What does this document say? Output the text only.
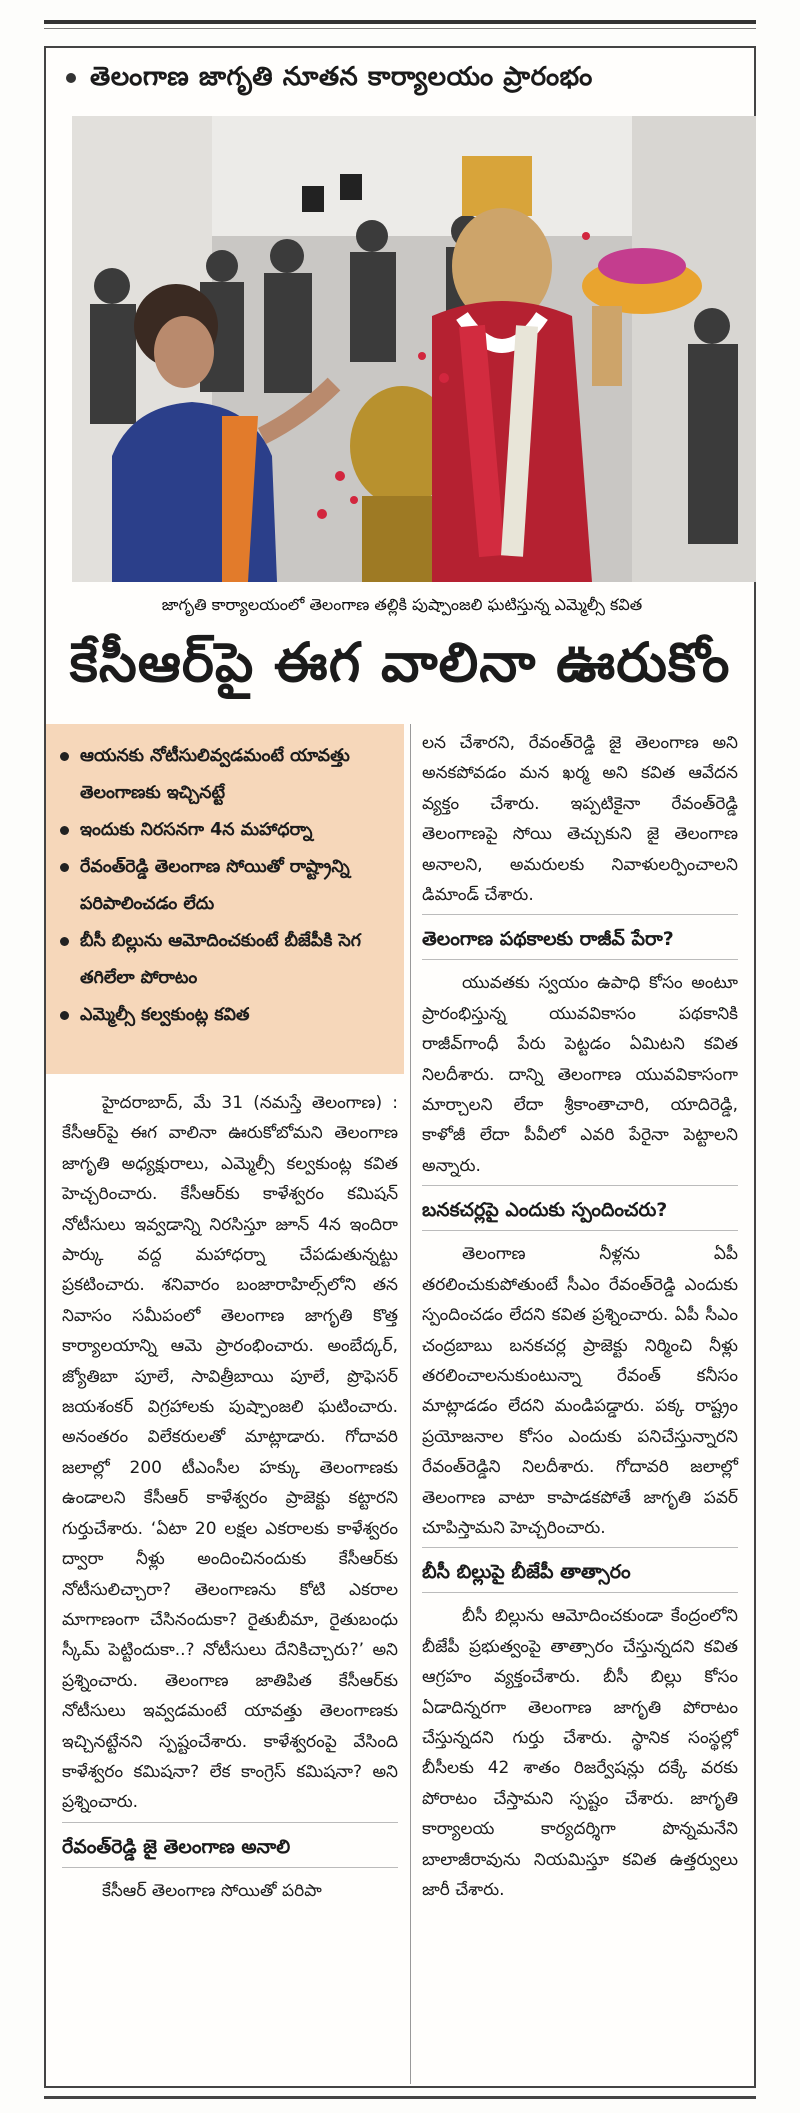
తెలంగాణ జాగృతి నూతన కార్యాలయం ప్రారంభం
జాగృతి కార్యాలయంలో తెలంగాణ తల్లికి పుష్పాంజలి ఘటిస్తున్న ఎమ్మెల్సీ కవిత
కేసీఆర్‌పై ఈగ వాలినా ఊరుకోం
ఆయనకు నోటీసులివ్వడమంటే యావత్తు తెలంగాణకు ఇచ్చినట్టే
ఇందుకు నిరసనగా 4న మహాధర్నా
రేవంత్‌రెడ్డి తెలంగాణ సోయితో రాష్ట్రాన్ని పరిపాలించడం లేదు
బీసీ బిల్లును ఆమోదించకుంటే బీజేపీకి సెగ తగిలేలా పోరాటం
ఎమ్మెల్సీ కల్వకుంట్ల కవిత

హైదరాబాద్, మే 31 (నమస్తే తెలంగాణ) : కేసీఆర్‌పై ఈగ వాలినా ఊరుకోబోమని తెలంగాణ జాగృతి అధ్యక్షురాలు, ఎమ్మెల్సీ కల్వకుంట్ల కవిత హెచ్చరించారు. కేసీఆర్‌కు కాళేశ్వరం కమిషన్ నోటీసులు ఇవ్వడాన్ని నిరసిస్తూ జూన్ 4న ఇందిరా పార్కు వద్ద మహాధర్నా చేపడుతున్నట్టు ప్రకటించారు. శనివారం బంజారాహిల్స్‌లోని తన నివాసం సమీపంలో తెలంగాణ జాగృతి కొత్త కార్యాలయాన్ని ఆమె ప్రారంభించారు. అంబేద్కర్, జ్యోతిబా పూలే, సావిత్రీబాయి పూలే, ప్రొఫెసర్ జయశంకర్ విగ్రహాలకు పుష్పాంజలి ఘటించారు. అనంతరం విలేకరులతో మాట్లాడారు. గోదావరి జలాల్లో 200 టీఎంసీల హక్కు తెలంగాణకు ఉండాలని కేసీఆర్ కాళేశ్వరం ప్రాజెక్టు కట్టారని గుర్తుచేశారు. ‘ఏటా 20 లక్షల ఎకరాలకు కాళేశ్వరం ద్వారా నీళ్లు అందించినందుకు కేసీఆర్‌కు నోటీసులిచ్చారా? తెలంగాణను కోటి ఎకరాల మాగాణంగా చేసినందుకా? రైతుబీమా, రైతుబంధు స్కీమ్ పెట్టిందుకా..? నోటీసులు దేనికిచ్చారు?’ అని ప్రశ్నించారు. తెలంగాణ జాతిపిత కేసీఆర్‌కు నోటీసులు ఇవ్వడమంటే యావత్తు తెలంగాణకు ఇచ్చినట్టేనని స్పష్టంచేశారు. కాళేశ్వరంపై వేసింది కాళేశ్వరం కమిషనా? లేక కాంగ్రెస్ కమిషనా? అని ప్రశ్నించారు.

రేవంత్‌రెడ్డి జై తెలంగాణ అనాలి

కేసీఆర్ తెలంగాణ సోయితో పరిపా

లన చేశారని, రేవంత్‌రెడ్డి జై తెలంగాణ అని అనకపోవడం మన ఖర్మ అని కవిత ఆవేదన వ్యక్తం చేశారు. ఇప్పటికైనా రేవంత్‌రెడ్డి తెలంగాణపై సోయి తెచ్చుకుని జై తెలంగాణ అనాలని, అమరులకు నివాళులర్పించాలని డిమాండ్ చేశారు.

తెలంగాణ పథకాలకు రాజీవ్ పేరా?

యువతకు స్వయం ఉపాధి కోసం అంటూ ప్రారంభిస్తున్న యువవికాసం పథకానికి రాజీవ్‌గాంధీ పేరు పెట్టడం ఏమిటని కవిత నిలదీశారు. దాన్ని తెలంగాణ యువవికాసంగా మార్చాలని లేదా శ్రీకాంతాచారి, యాదిరెడ్డి, కాళోజీ లేదా పీవీలో ఎవరి పేరైనా పెట్టాలని అన్నారు.

బనకచర్లపై ఎందుకు స్పందించరు?

తెలంగాణ నీళ్లను ఏపీ తరలించుకుపోతుంటే సీఎం రేవంత్‌రెడ్డి ఎందుకు స్పందించడం లేదని కవిత ప్రశ్నించారు. ఏపీ సీఎం చంద్రబాబు బనకచర్ల ప్రాజెక్టు నిర్మించి నీళ్లు తరలించాలనుకుంటున్నా రేవంత్ కనీసం మాట్లాడడం లేదని మండిపడ్డారు. పక్క రాష్ట్రం ప్రయోజనాల కోసం ఎందుకు పనిచేస్తున్నారని రేవంత్‌రెడ్డిని నిలదీశారు. గోదావరి జలాల్లో తెలంగాణ వాటా కాపాడకపోతే జాగృతి పవర్ చూపిస్తామని హెచ్చరించారు.

బీసీ బిల్లుపై బీజేపీ తాత్సారం

బీసీ బిల్లును ఆమోదించకుండా కేంద్రంలోని బీజేపీ ప్రభుత్వంపై తాత్సారం చేస్తున్నదని కవిత ఆగ్రహం వ్యక్తంచేశారు. బీసీ బిల్లు కోసం ఏడాదిన్నరగా తెలంగాణ జాగృతి పోరాటం చేస్తున్నదని గుర్తు చేశారు. స్థానిక సంస్థల్లో బీసీలకు 42 శాతం రిజర్వేషన్లు దక్కే వరకు పోరాటం చేస్తామని స్పష్టం చేశారు. జాగృతి కార్యాలయ కార్యదర్శిగా పొన్నమనేని బాలాజీరావును నియమిస్తూ కవిత ఉత్తర్వులు జారీ చేశారు.
